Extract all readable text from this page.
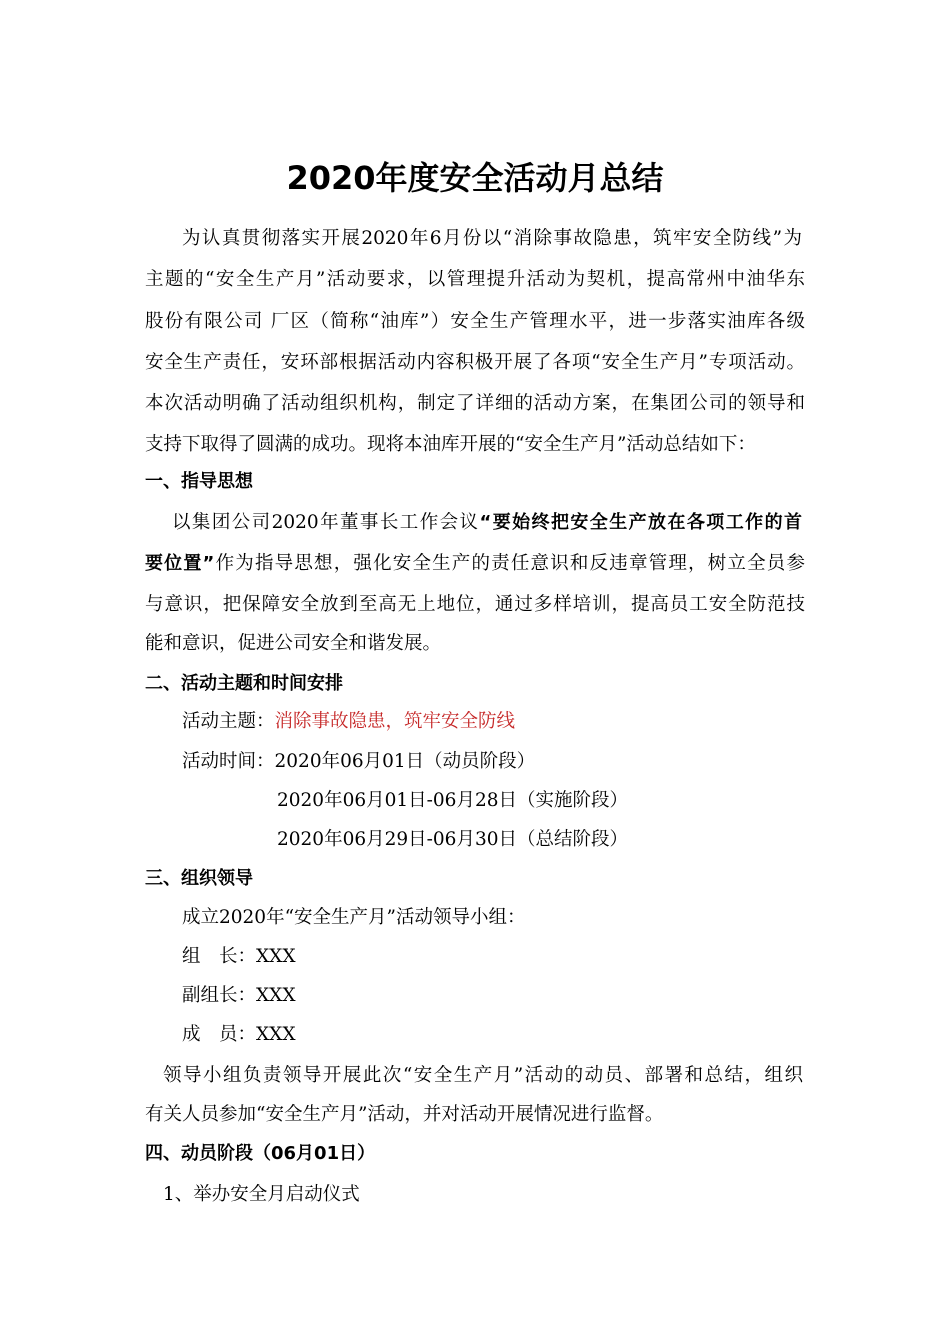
2020年度安全活动月总结

为认真贯彻落实开展2020年6月份以“消除事故隐患，筑牢安全防线”为

主题的“安全生产月”活动要求，以管理提升活动为契机，提高常州中油华东

股份有限公司 厂区（简称“油库”）安全生产管理水平，进一步落实油库各级

安全生产责任，安环部根据活动内容积极开展了各项“安全生产月”专项活动。

本次活动明确了活动组织机构，制定了详细的活动方案，在集团公司的领导和

支持下取得了圆满的成功。现将本油库开展的“安全生产月”活动总结如下：

一、指导思想

以集团公司2020年董事长工作会议“要始终把安全生产放在各项工作的首

要位置”作为指导思想，强化安全生产的责任意识和反违章管理，树立全员参

与意识，把保障安全放到至高无上地位，通过多样培训，提高员工安全防范技

能和意识，促进公司安全和谐发展。

二、活动主题和时间安排

活动主题：消除事故隐患，筑牢安全防线

活动时间：2020年06月01日（动员阶段）

2020年06月01日-06月28日（实施阶段）

2020年06月29日-06月30日（总结阶段）

三、组织领导

成立2020年“安全生产月”活动领导小组：

组　长：XXX

副组长：XXX

成　员：XXX

领导小组负责领导开展此次“安全生产月”活动的动员、部署和总结，组织

有关人员参加“安全生产月”活动，并对活动开展情况进行监督。

四、动员阶段（06月01日）

1、举办安全月启动仪式
